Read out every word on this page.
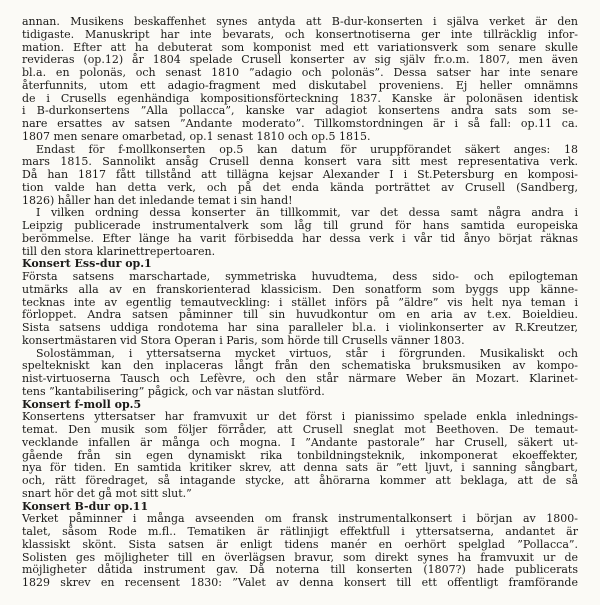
annan. Musikens beskaffenhet synes antyda att B-dur-konserten i själva verket är den
tidigaste. Manuskript har inte bevarats, och konsertnotiserna ger inte tillräcklig infor-
mation. Efter att ha debuterat som komponist med ett variationsverk som senare skulle
revideras (op.12) år 1804 spelade Crusell konserter av sig själv fr.o.m. 1807, men även
bl.a. en polonäs, och senast 1810 ”adagio och polonäs”. Dessa satser har inte senare
återfunnits, utom ett adagio-fragment med diskutabel proveniens. Ej heller omnämns
de i Crusells egenhändiga kompositionsförteckning 1837. Kanske är polonäsen identisk
i B-durkonsertens ”Alla pollacca”, kanske var adagiot konsertens andra sats som se-
nare ersattes av satsen ”Andante moderato”. Tillkomstordningen är i så fall: op.11 ca.
1807 men senare omarbetad, op.1 senast 1810 och op.5 1815.

Endast för f-mollkonserten op.5 kan datum för uruppförandet säkert anges: 18
mars 1815. Sannolikt ansåg Crusell denna konsert vara sitt mest representativa verk.
Då han 1817 fått tillstånd att tillägna kejsar Alexander I i St.Petersburg en komposi-
tion valde han detta verk, och på det enda kända porträttet av Crusell (Sandberg,
1826) håller han det inledande temat i sin hand!

I vilken ordning dessa konserter än tillkommit, var det dessa samt några andra i
Leipzig publicerade instrumentalverk som låg till grund för hans samtida europeiska
berömmelse. Efter länge ha varit förbisedda har dessa verk i vår tid ånyo börjat räknas
till den stora klarinettrepertoaren.

Konsert Ess-dur op.1

Första satsens marschartade, symmetriska huvudtema, dess sido- och epilogteman
utmärks alla av en franskorienterad klassicism. Den sonatform som byggs upp känne-
tecknas inte av egentlig temautveckling: i stället införs på ”äldre” vis helt nya teman i
förloppet. Andra satsen påminner till sin huvudkontur om en aria av t.ex. Boieldieu.
Sista satsens uddiga rondotema har sina paralleler bl.a. i violinkonserter av R.Kreutzer,
konsertmästaren vid Stora Operan i Paris, som hörde till Crusells vänner 1803.

Solostämman, i yttersatserna mycket virtuos, står i förgrunden. Musikaliskt och
speltekniskt kan den inplaceras långt från den schematiska bruksmusiken av kompo-
nist-virtuoserna Tausch och Lefèvre, och den står närmare Weber än Mozart. Klarinet-
tens ”kantabilisering” pågick, och var nästan slutförd.

Konsert f-moll op.5

Konsertens yttersatser har framvuxit ur det först i pianissimo spelade enkla inlednings-
temat. Den musik som följer förråder, att Crusell sneglat mot Beethoven. De temaut-
vecklande infallen är många och mogna. I ”Andante pastorale” har Crusell, säkert ut-
gående från sin egen dynamiskt rika tonbildningsteknik, inkomponerat ekoeffekter,
nya för tiden. En samtida kritiker skrev, att denna sats är ”ett ljuvt, i sanning sångbart,
och, rätt föredraget, så intagande stycke, att åhörarna kommer att beklaga, att de så
snart hör det gå mot sitt slut.”

Konsert B-dur op.11

Verket påminner i många avseenden om fransk instrumentalkonsert i början av 1800-
talet, såsom Rode m.fl.. Tematiken är rätlinjigt effektfull i yttersatserna, andantet är
klassiskt skönt. Sista satsen är enligt tidens manér en oerhört spelglad ”Pollacca”.
Solisten ges möjligheter till en överlägsen bravur, som direkt synes ha framvuxit ur de
möjligheter dåtida instrument gav. Då noterna till konserten (1807?) hade publicerats
1829 skrev en recensent 1830: ”Valet av denna konsert till ett offentligt framförande
